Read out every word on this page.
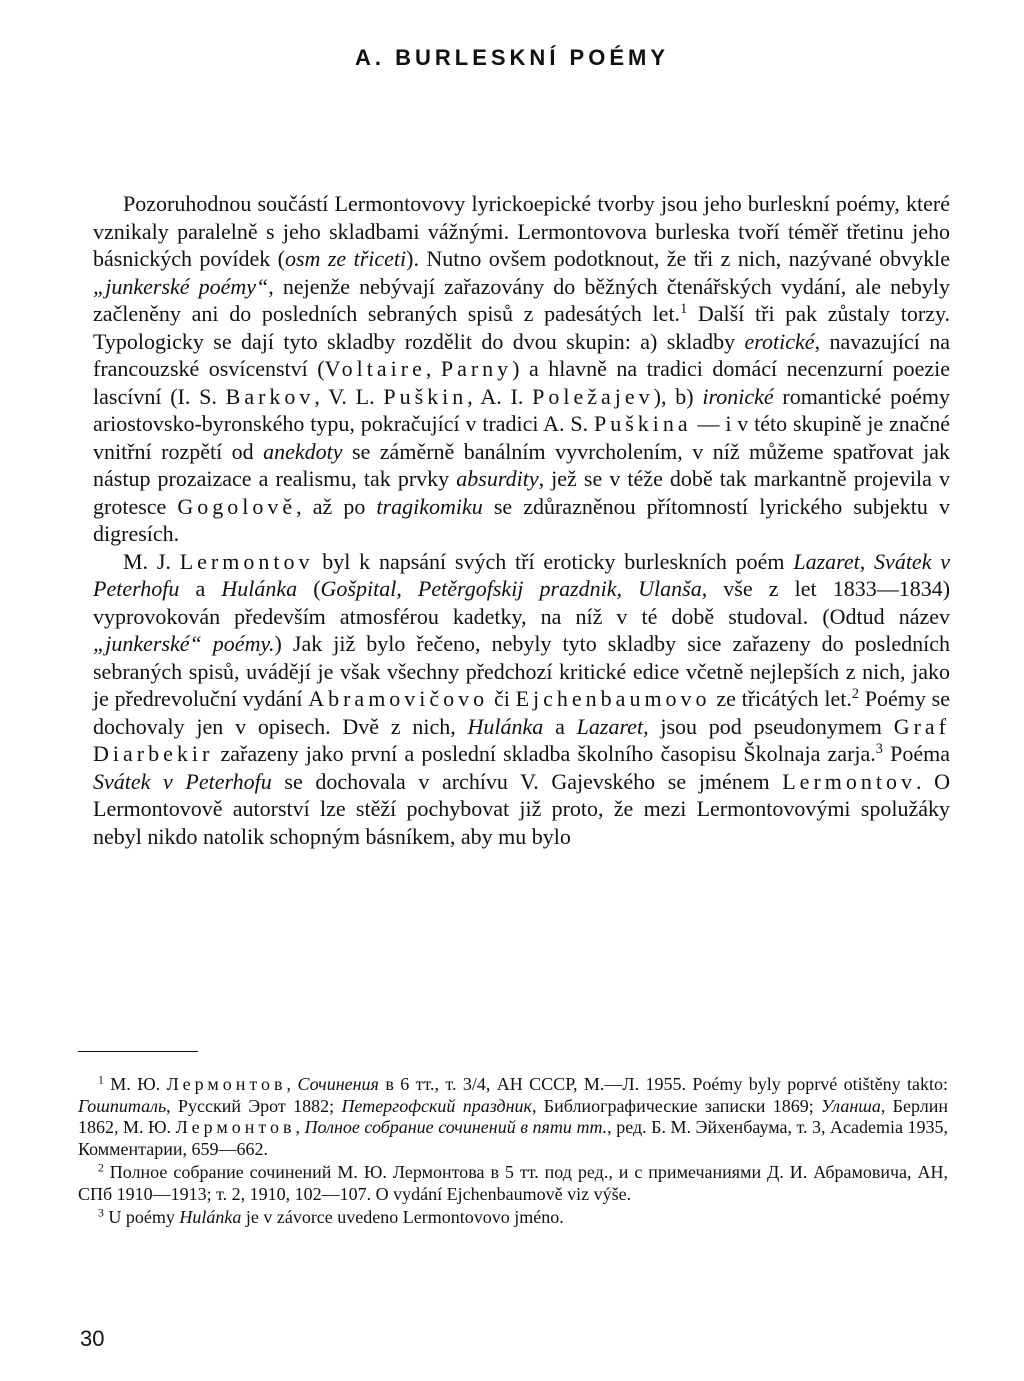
A. BURLESKNÍ POÉMY

Pozoruhodnou součástí Lermontovovy lyrickoepické tvorby jsou jeho burleskní poémy, které vznikaly paralelně s jeho skladbami vážnými. Lermontovova burleska tvoří téměř třetinu jeho básnických povídek (osm ze třiceti). Nutno ovšem podotknout, že tři z nich, nazývané obvykle „junkerské poémy“, nejenže nebývají zařazovány do běžných čtenářských vydání, ale nebyly začleněny ani do posledních sebraných spisů z padesátých let.$^1$ Další tři pak zůstaly torzy. Typologicky se dají tyto skladby rozdělit do dvou skupin: a) skladby erotické, navazující na francouzské osvícenství (Voltaire, Parny) a hlavně na tradici domácí necenzurní poezie lascívní (I. S. Barkov, V. L. Puškin, A. I. Poležajev), b) ironické romantické poémy ariostovsko-byronského typu, pokračující v tradici A. S. Puškina — i v této skupině je značné vnitřní rozpětí od anekdoty se záměrně banálním vyvrcholením, v níž můžeme spatřovat jak nástup prozaizace a realismu, tak prvky absurdity, jež se v téže době tak markantně projevila v grotesce Gogolově, až po tragikomiku se zdůrazněnou přítomností lyrického subjektu v digresích.

M. J. Lermontov byl k napsání svých tří eroticky burleskních poém Lazaret, Svátek v Peterhofu a Hulánka (Gošpital, Petěrgofskij prazdnik, Ulanša, vše z let 1833—1834) vyprovokován především atmosférou kadetky, na níž v té době studoval. (Odtud název „junkerské“ poémy.) Jak již bylo řečeno, nebyly tyto skladby sice zařazeny do posledních sebraných spisů, uvádějí je však všechny předchozí kritické edice včetně nejlepších z nich, jako je předrevoluční vydání Abramovičovo či Ejchenbaumovo ze třicátých let.$^2$ Poémy se dochovaly jen v opisech. Dvě z nich, Hulánka a Lazaret, jsou pod pseudonymem Graf Diarbekir zařazeny jako první a poslední skladba školního časopisu Školnaja zarja.$^3$ Poéma Svátek v Peterhofu se dochovala v archívu V. Gajevského se jménem Lermontov. O Lermontovově autorství lze stěží pochybovat již proto, že mezi Lermontovovými spolužáky nebyl nikdo natolik schopným básníkem, aby mu bylo

$^1$ М. Ю. Лермонтов, Сочинения в 6 тт., т. 3/4, АН СССР, М.—Л. 1955. Poémy byly poprvé otištěny takto: Гошпиталь, Русский Эрот 1882; Петергофский праздник, Библиографические записки 1869; Уланша, Берлин 1862, М. Ю. Лермонтов, Полное собрание сочинений в пяти тт., ред. Б. М. Эйхенбаума, т. 3, Academia 1935, Комментарии, 659—662.

$^2$ Полное собрание сочинений М. Ю. Лермонтова в 5 тт. под ред., и с примечаниями Д. И. Абрамовича, АН, СПб 1910—1913; т. 2, 1910, 102—107. O vydání Ejchenbaumově viz výše.

$^3$ U poémy Hulánka je v závorce uvedeno Lermontovovo jméno.

30
